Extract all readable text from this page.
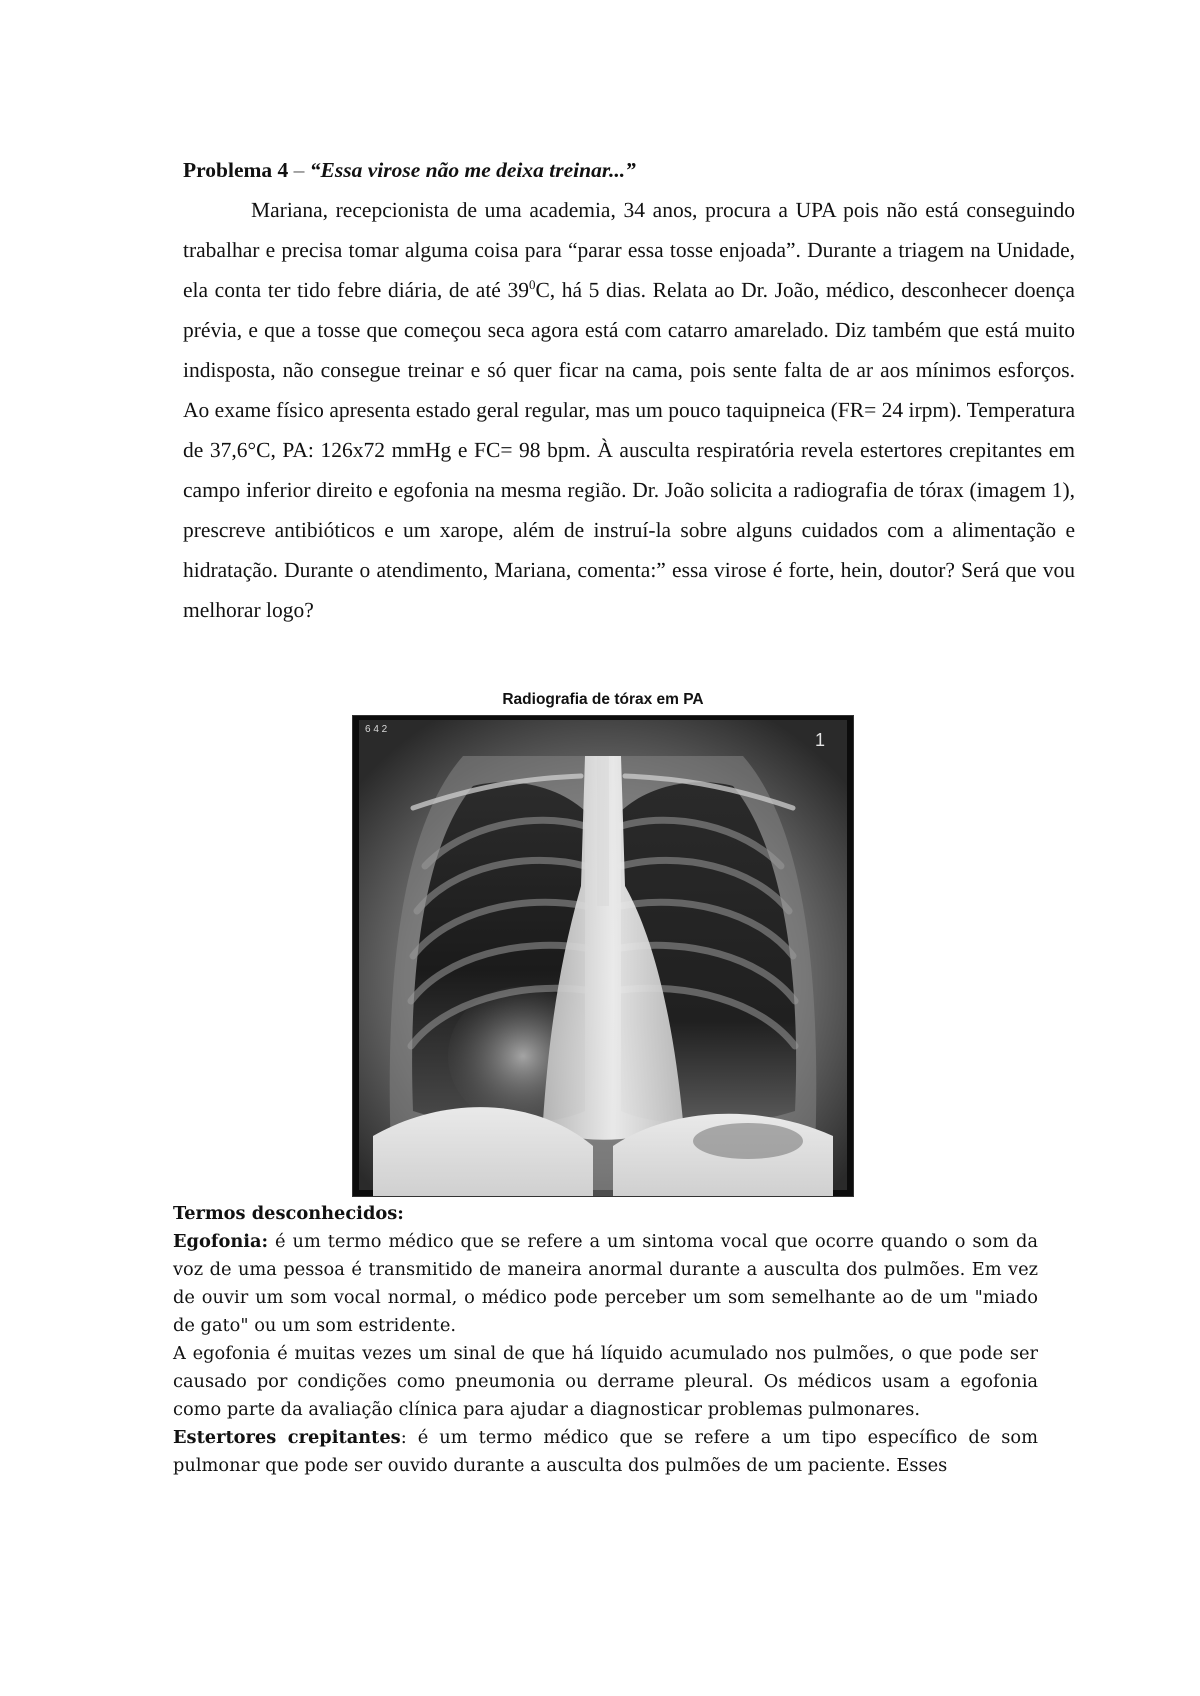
Problema 4 – “Essa virose não me deixa treinar...”

Mariana, recepcionista de uma academia, 34 anos, procura a UPA pois não está conseguindo trabalhar e precisa tomar alguma coisa para “parar essa tosse enjoada”. Durante a triagem na Unidade, ela conta ter tido febre diária, de até $39^0C$, há 5 dias. Relata ao Dr. João, médico, desconhecer doença prévia, e que a tosse que começou seca agora está com catarro amarelado. Diz também que está muito indisposta, não consegue treinar e só quer ficar na cama, pois sente falta de ar aos mínimos esforços. Ao exame físico apresenta estado geral regular, mas um pouco taquipneica (FR= 24 irpm). Temperatura de 37,6°C, PA: 126x72 mmHg e FC= 98 bpm. À ausculta respiratória revela estertores crepitantes em campo inferior direito e egofonia na mesma região. Dr. João solicita a radiografia de tórax (imagem 1), prescreve antibióticos e um xarope, além de instruí-la sobre alguns cuidados com a alimentação e hidratação. Durante o atendimento, Mariana, comenta:” essa virose é forte, hein, doutor? Será que vou melhorar logo?

Radiografia de tórax em PA

6 4 2
1

Termos desconhecidos:

Egofonia: é um termo médico que se refere a um sintoma vocal que ocorre quando o som da voz de uma pessoa é transmitido de maneira anormal durante a ausculta dos pulmões. Em vez de ouvir um som vocal normal, o médico pode perceber um som semelhante ao de um "miado de gato" ou um som estridente.

A egofonia é muitas vezes um sinal de que há líquido acumulado nos pulmões, o que pode ser causado por condições como pneumonia ou derrame pleural. Os médicos usam a egofonia como parte da avaliação clínica para ajudar a diagnosticar problemas pulmonares.

Estertores crepitantes: é um termo médico que se refere a um tipo específico de som pulmonar que pode ser ouvido durante a ausculta dos pulmões de um paciente. Esses
